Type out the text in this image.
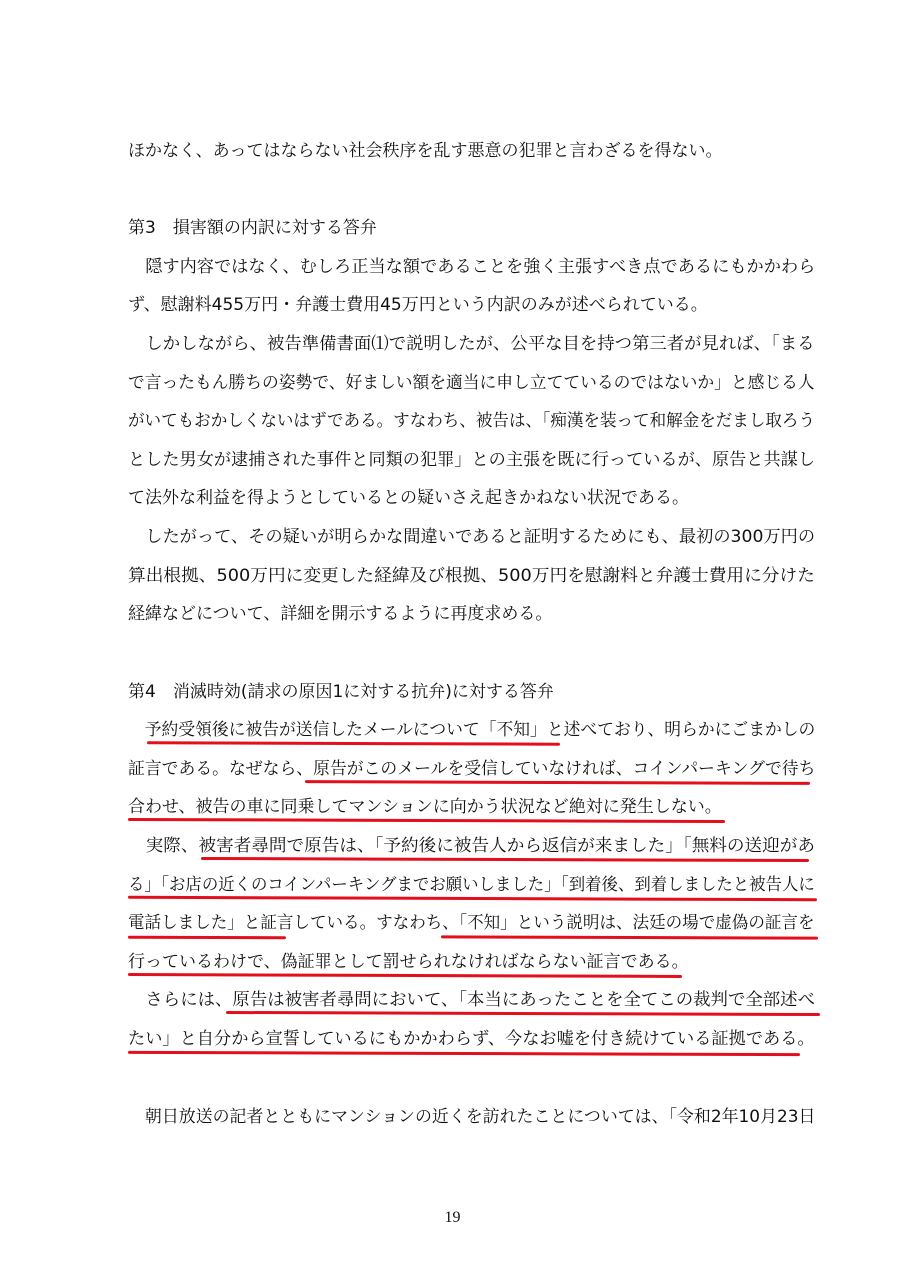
ほかなく、あってはならない社会秩序を乱す悪意の犯罪と言わざるを得ない。
第3　損害額の内訳に対する答弁
　隠す内容ではなく、むしろ正当な額であることを強く主張すべき点であるにもかかわら
ず、慰謝料455万円・弁護士費用45万円という内訳のみが述べられている。
　しかしながら、被告準備書面⑴で説明したが、公平な目を持つ第三者が見れば、「まる
で言ったもん勝ちの姿勢で、好ましい額を適当に申し立てているのではないか」と感じる人
がいてもおかしくないはずである。すなわち、被告は、「痴漢を装って和解金をだまし取ろう
とした男女が逮捕された事件と同類の犯罪」との主張を既に行っているが、原告と共謀し
て法外な利益を得ようとしているとの疑いさえ起きかねない状況である。
　したがって、その疑いが明らかな間違いであると証明するためにも、最初の300万円の
算出根拠、500万円に変更した経緯及び根拠、500万円を慰謝料と弁護士費用に分けた
経緯などについて、詳細を開示するように再度求める。
第4　消滅時効(請求の原因1に対する抗弁)に対する答弁
　予約受領後に被告が送信したメールについて「不知」と述べており、明らかにごまかしの
証言である。なぜなら、原告がこのメールを受信していなければ、コインパーキングで待ち
合わせ、被告の車に同乗してマンションに向かう状況など絶対に発生しない。
　実際、被害者尋問で原告は、「予約後に被告人から返信が来ました」「無料の送迎があ
る」「お店の近くのコインパーキングまでお願いしました」「到着後、到着しましたと被告人に
電話しました」と証言している。すなわち、「不知」という説明は、法廷の場で虚偽の証言を
行っているわけで、偽証罪として罰せられなければならない証言である。
　さらには、原告は被害者尋問において、「本当にあったことを全てこの裁判で全部述べ
たい」と自分から宣誓しているにもかかわらず、今なお嘘を付き続けている証拠である。
　朝日放送の記者とともにマンションの近くを訪れたことについては、「令和2年10月23日
19
